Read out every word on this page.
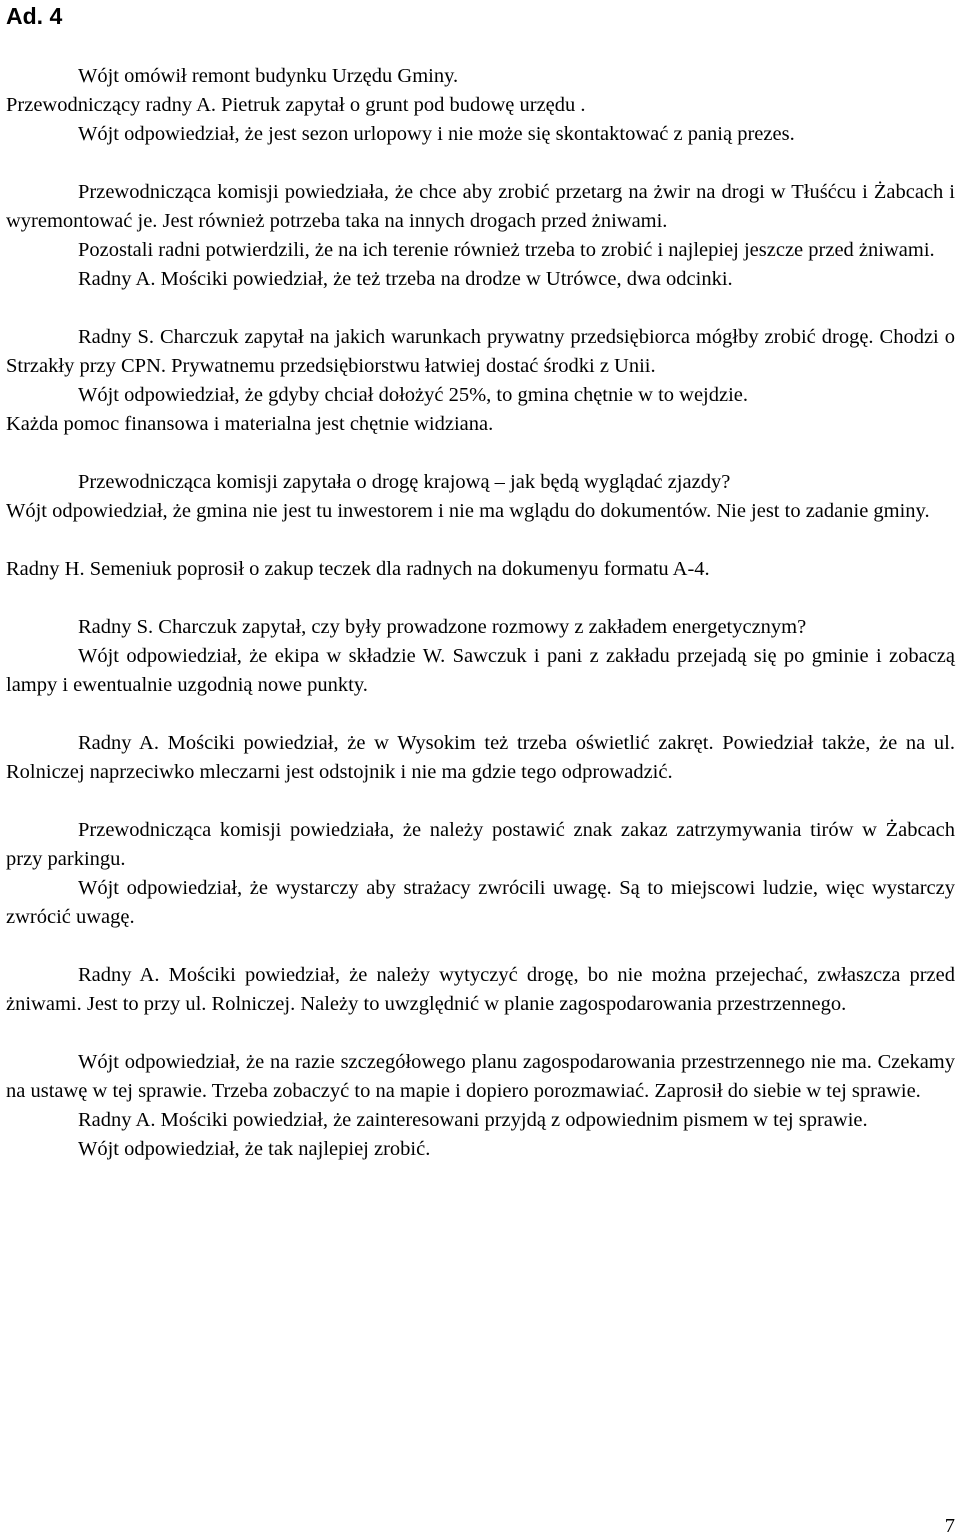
Ad. 4

Wójt omówił remont budynku Urzędu Gminy.

Przewodniczący radny A. Pietruk zapytał o grunt pod budowę urzędu .

Wójt odpowiedział, że jest sezon urlopowy i nie może się skontaktować z panią prezes.

Przewodnicząca komisji powiedziała, że chce aby zrobić przetarg na żwir na drogi w Tłuśćcu i Żabcach i wyremontować je. Jest również potrzeba taka na innych drogach przed żniwami.

Pozostali radni potwierdzili, że na ich terenie również trzeba to zrobić i najlepiej jeszcze przed żniwami.

Radny A. Mościki powiedział, że też trzeba na drodze w Utrówce, dwa odcinki.

Radny S. Charczuk zapytał na jakich warunkach prywatny przedsiębiorca mógłby zrobić drogę. Chodzi o Strzakły przy CPN. Prywatnemu przedsiębiorstwu łatwiej dostać środki z Unii.

Wójt odpowiedział, że gdyby chciał dołożyć 25%, to gmina chętnie w to wejdzie.

Każda pomoc finansowa i materialna jest chętnie widziana.

Przewodnicząca komisji zapytała o drogę krajową – jak będą wyglądać zjazdy?

Wójt odpowiedział, że gmina nie jest tu inwestorem i nie ma wglądu do dokumentów. Nie jest to zadanie gminy.

Radny H. Semeniuk poprosił o zakup teczek dla radnych na dokumenyu formatu A-4.

Radny S. Charczuk zapytał, czy były prowadzone rozmowy z zakładem energetycznym?

Wójt odpowiedział, że ekipa w składzie W. Sawczuk i pani z zakładu przejadą się po gminie i zobaczą lampy i ewentualnie uzgodnią nowe punkty.

Radny A. Mościki powiedział, że w Wysokim też trzeba oświetlić zakręt. Powiedział także, że na ul. Rolniczej naprzeciwko mleczarni jest odstojnik i nie ma gdzie tego odprowadzić.

Przewodnicząca komisji powiedziała, że należy postawić znak zakaz zatrzymywania tirów w Żabcach przy parkingu.

Wójt odpowiedział, że wystarczy aby strażacy zwrócili uwagę. Są to miejscowi ludzie, więc wystarczy zwrócić uwagę.

Radny A. Mościki powiedział, że należy wytyczyć drogę, bo nie można przejechać, zwłaszcza przed żniwami. Jest to przy ul. Rolniczej. Należy to uwzględnić w planie zagospodarowania przestrzennego.

Wójt odpowiedział, że na razie szczegółowego planu zagospodarowania przestrzennego nie ma. Czekamy na ustawę w tej sprawie. Trzeba zobaczyć to na mapie i dopiero porozmawiać. Zaprosił do siebie w tej sprawie.

Radny A. Mościki powiedział, że zainteresowani przyjdą z odpowiednim pismem w tej sprawie.

Wójt odpowiedział, że tak najlepiej zrobić.

7
